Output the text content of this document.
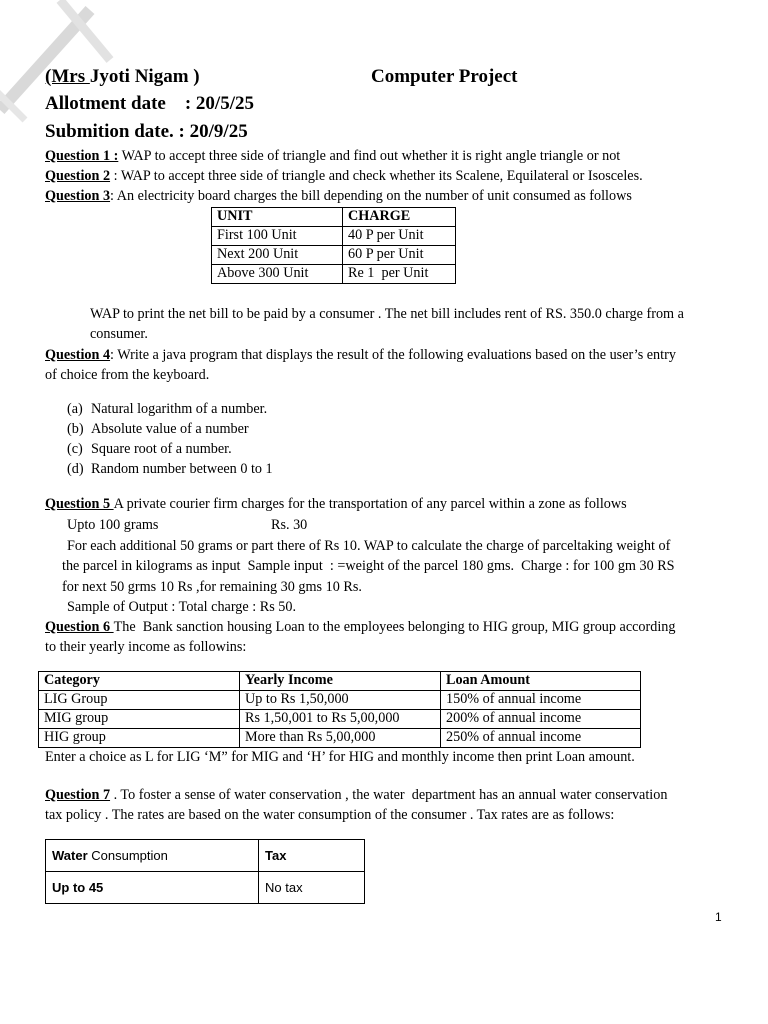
(Mrs Jyoti Nigam )	Computer Project
Allotment date    : 20/5/25
Submition date. : 20/9/25
Question 1 : WAP to accept three side of triangle and find out whether it is right angle triangle or not
Question 2 : WAP to accept three side of triangle and check whether its Scalene, Equilateral or Isosceles.
Question 3: An electricity board charges the bill depending on the number of unit consumed as follows
UNIT	CHARGE
First 100 Unit	40 P per Unit
Next 200 Unit	60 P per Unit
Above 300 Unit	Re 1  per Unit
WAP to print the net bill to be paid by a consumer . The net bill includes rent of RS. 350.0 charge from a
consumer.
Question 4: Write a java program that displays the result of the following evaluations based on the user’s entry
of choice from the keyboard.
(a) Natural logarithm of a number.
(b) Absolute value of a number
(c) Square root of a number.
(d) Random number between 0 to 1
Question 5 A private courier firm charges for the transportation of any parcel within a zone as follows
Upto 100 grams	Rs. 30
For each additional 50 grams or part there of Rs 10. WAP to calculate the charge of parceltaking weight of
the parcel in kilograms as input  Sample input  : =weight of the parcel 180 gms.  Charge : for 100 gm 30 RS
for next 50 grms 10 Rs ,for remaining 30 gms 10 Rs.
Sample of Output : Total charge : Rs 50.
Question 6 The  Bank sanction housing Loan to the employees belonging to HIG group, MIG group according
to their yearly income as followins:
Category	Yearly Income	Loan Amount
LIG Group	Up to Rs 1,50,000	150% of annual income
MIG group	Rs 1,50,001 to Rs 5,00,000	200% of annual income
HIG group	More than Rs 5,00,000	250% of annual income
Enter a choice as L for LIG ‘M” for MIG and ‘H’ for HIG and monthly income then print Loan amount.
Question 7 . To foster a sense of water conservation , the water  department has an annual water conservation
tax policy . The rates are based on the water consumption of the consumer . Tax rates are as follows:
Water Consumption	Tax
Up to 45	No tax
1
